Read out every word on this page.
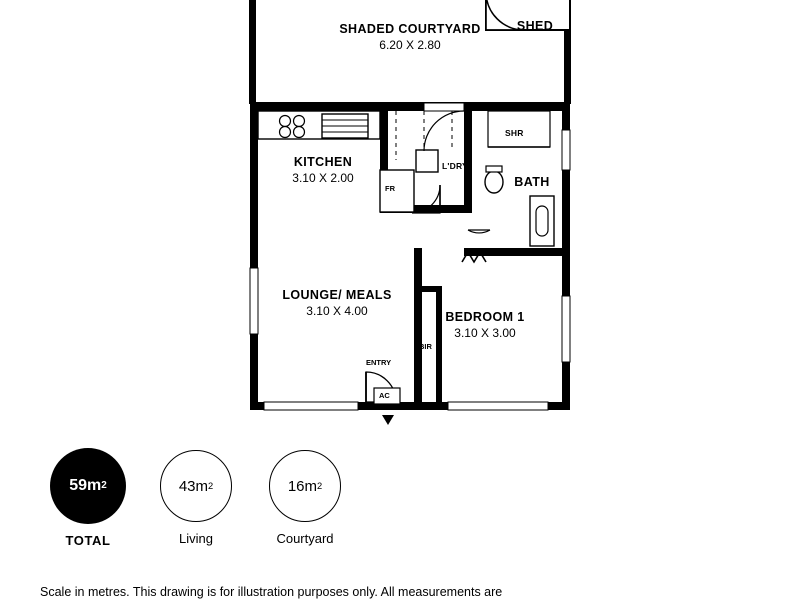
SHADED COURTYARD
6.20 X 2.80
KITCHEN
3.10 X 2.00
LOUNGE/ MEALS
3.10 X 4.00	BEDROOM 1
3.10 X 3.00
BATH
SHED
L'DRY
SHR
FR
BIR
ENTRY
AC
59m 2
TOTAL
43m 2
Living
16m 2
Courtyard
Scale in metres. This drawing is for illustration purposes only. All measurements are
